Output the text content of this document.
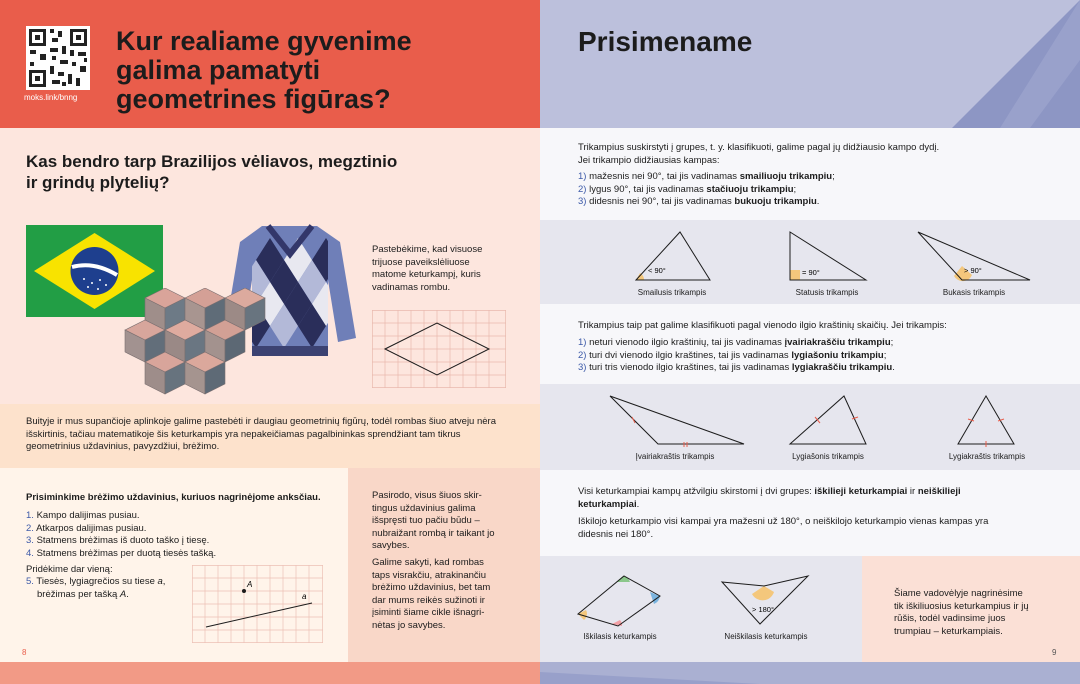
moks.link/bnng
Kur realiame gyvenime
galima pamatyti
geometrines figūras?
Kas bendro tarp Brazilijos vėliavos, megztinio
ir grindų plytelių?
Pastebėkime, kad visuose trijuose paveikslėliuose matome keturkampį, kuris vadinamas rombu.
Buityje ir mus supančioje aplinkoje galime pastebėti ir daugiau geometrinių figūrų, todėl rombas šiuo atveju nėra išskirtinis, tačiau matematikoje šis keturkampis yra nepakeičiamas pagalbininkas sprendžiant tam tikrus geometrinius uždavinius, pavyzdžiui, brėžimo.
Prisiminkime brėžimo uždavinius, kuriuos nagrinėjome anksčiau.
1. Kampo dalijimas pusiau.
2. Atkarpos dalijimas pusiau.
3. Statmens brėžimas iš duoto taško į tiesę.
4. Statmens brėžimas per duotą tiesės tašką.
Pridėkime dar vieną:
5. Tiesės, lygiagrečios su tiese a,
brėžimas per tašką A.
A
a
Pasirodo, visus šiuos skir-tingus uždavinius galima išspręsti tuo pačiu būdu – nubraižant rombą ir taikant jo savybes.
Galime sakyti, kad rombas taps visrakčiu, atrakinančiu brėžimo uždavinius, bet tam dar mums reikės sužinoti ir įsiminti šiame cikle išnagri-nėtas jo savybes.
8
Prisimename
Trikampius suskirstyti į grupes, t. y. klasifikuoti, galime pagal jų didžiausio kampo dydį.
Jei trikampio didžiausias kampas:
1) mažesnis nei 90°, tai jis vadinamas smailiuoju trikampiu;
2) lygus 90°, tai jis vadinamas stačiuoju trikampiu;
3) didesnis nei 90°, tai jis vadinamas bukuoju trikampiu.
< 90°
Smailusis trikampis
= 90°
Statusis trikampis
> 90°
Bukasis trikampis
Trikampius taip pat galime klasifikuoti pagal vienodo ilgio kraštinių skaičių. Jei trikampis:
1) neturi vienodo ilgio kraštinių, tai jis vadinamas įvairiakraščiu trikampiu;
2) turi dvi vienodo ilgio kraštines, tai jis vadinamas lygiašoniu trikampiu;
3) turi tris vienodo ilgio kraštines, tai jis vadinamas lygiakraščiu trikampiu.
Įvairiakraštis trikampis	Lygiašonis trikampis	Lygiakraštis trikampis
Visi keturkampiai kampų atžvilgiu skirstomi į dvi grupes: iškilieji keturkampiai ir neiškilieji keturkampiai.
Iškilojo keturkampio visi kampai yra mažesni už 180°, o neiškilojo keturkampio vienas kampas yra didesnis nei 180°.
Iškilasis keturkampis
> 180°
Neiškilasis keturkampis
Šiame vadovėlyje nagrinėsime tik iškiliuosius keturkampius ir jų rūšis, todėl vadinsime juos trumpiau – keturkampiais.
9
